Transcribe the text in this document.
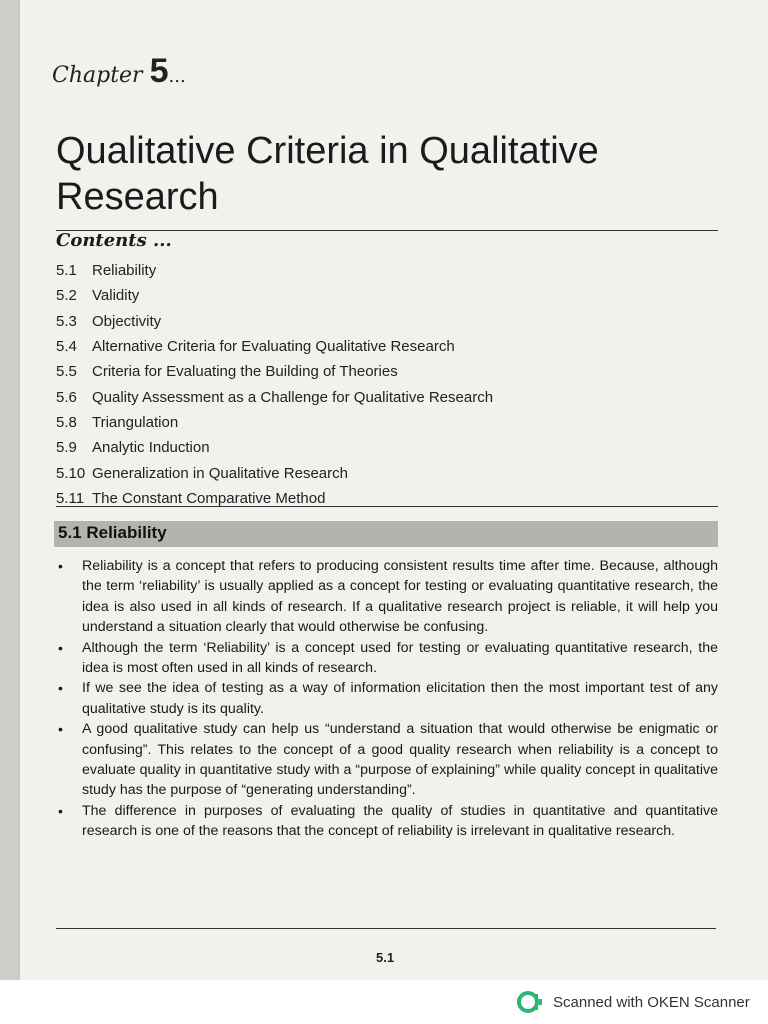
Chapter 5...
Qualitative Criteria in Qualitative Research
Contents ...
5.1	Reliability
5.2	Validity
5.3	Objectivity
5.4	Alternative Criteria for Evaluating Qualitative Research
5.5	Criteria for Evaluating the Building of Theories
5.6	Quality Assessment as a Challenge for Qualitative Research
5.8	Triangulation
5.9	Analytic Induction
5.10 Generalization in Qualitative Research
5.11 The Constant Comparative Method
5.1 Reliability
• Reliability is a concept that refers to producing consistent results time after time. Because, although the term ‘reliability’ is usually applied as a concept for testing or evaluating quantitative research, the idea is also used in all kinds of research. If a qualitative research project is reliable, it will help you understand a situation clearly that would otherwise be confusing.
• Although the term ‘Reliability’ is a concept used for testing or evaluating quantitative research, the idea is most often used in all kinds of research.
• If we see the idea of testing as a way of information elicitation then the most important test of any qualitative study is its quality.
• A good qualitative study can help us “understand a situation that would otherwise be enigmatic or confusing”. This relates to the concept of a good quality research when reliability is a concept to evaluate quality in quantitative study with a “purpose of explaining” while quality concept in qualitative study has the purpose of “generating understanding”.
• The difference in purposes of evaluating the quality of studies in quantitative and quantitative research is one of the reasons that the concept of reliability is irrelevant in qualitative research.
5.1
Scanned with OKEN Scanner
